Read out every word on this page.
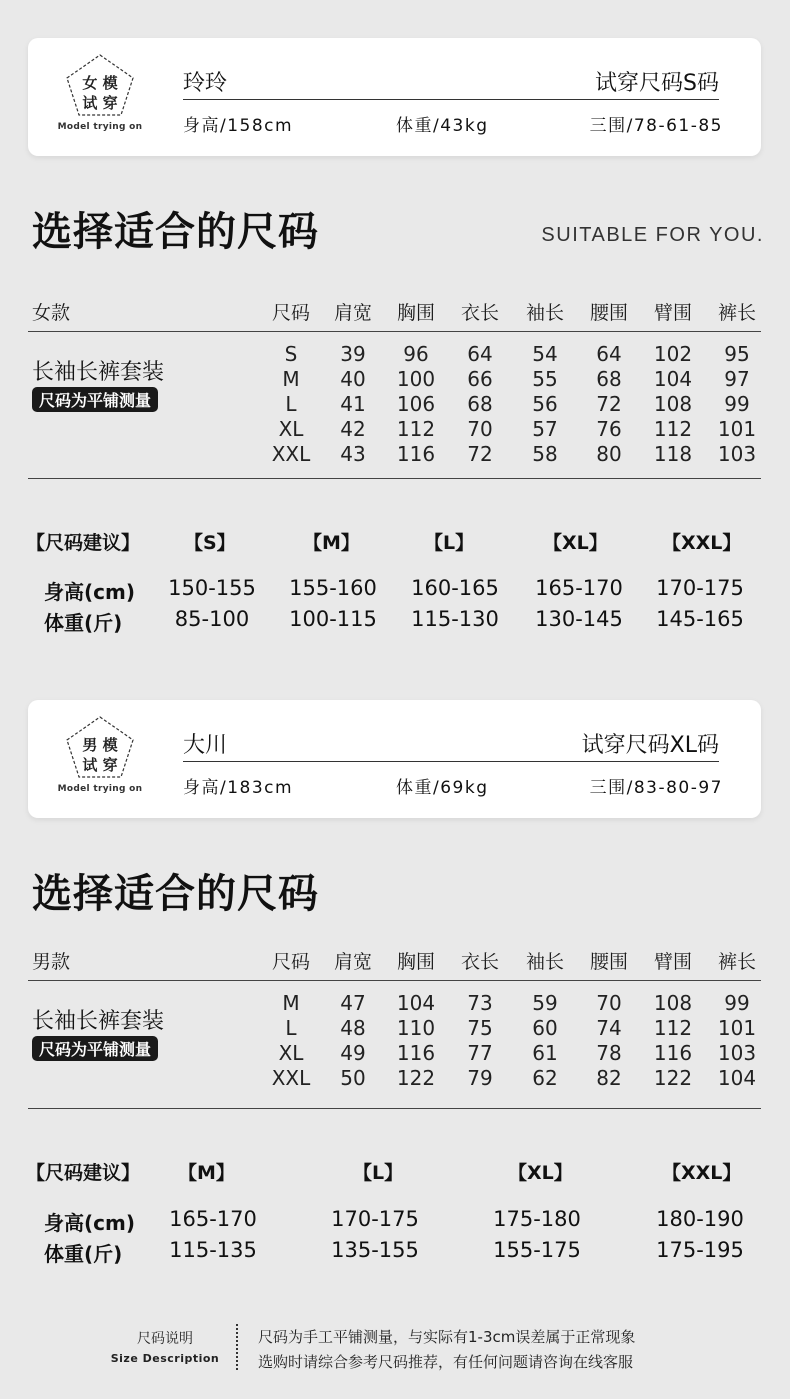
女 模
试 穿
Model trying on
玲玲	试穿尺码S码
身高/158cm	体重/43kg	三围/78-61-85
选择适合的尺码	SUITABLE FOR YOU.
女款	尺码	肩宽	胸围	衣长	袖长	腰围	臂围	裤长
长袖长裤套装
尺码为平铺测量
S	39	96	64	54	64	102	95
M	40	100	66	55	68	104	97
L	41	106	68	56	72	108	99
XL	42	112	70	57	76	112	101
XXL	43	116	72	58	80	118	103
【尺码建议】 【S】	【M】	【L】	【XL】	【XXL】
身高(cm)	150-155	155-160	160-165	165-170	170-175
体重(斤)	85-100	100-115	115-130	130-145	145-165
男 模
试 穿
Model trying on
大川	试穿尺码XL码
身高/183cm	体重/69kg	三围/83-80-97
选择适合的尺码
男款	尺码	肩宽	胸围	衣长	袖长	腰围	臂围	裤长
长袖长裤套装
尺码为平铺测量
M	47	104	73	59	70	108	99
L	48	110	75	60	74	112	101
XL	49	116	77	61	78	116	103
XXL	50	122	79	62	82	122	104
【尺码建议】 【M】	【L】	【XL】	【XXL】
身高(cm)	165-170	170-175	175-180	180-190
体重(斤)	115-135	135-155	155-175	175-195
尺码说明
Size Description
尺码为手工平铺测量，与实际有1-3cm误差属于正常现象
选购时请综合参考尺码推荐，有任何问题请咨询在线客服
